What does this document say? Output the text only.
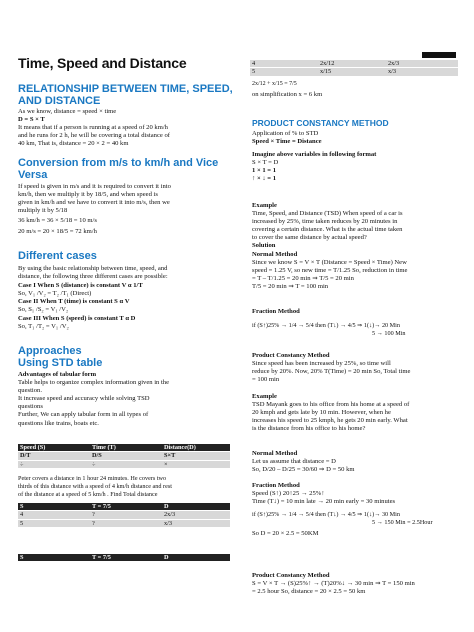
Time, Speed and Distance
RELATIONSHIP BETWEEN TIME, SPEED,
AND DISTANCE
As we know, distance = speed × time
D = S × T
It means that if a person is running at a speed of 20 km/h
and he runs for 2 h, he will be covering a total distance of
40 km, That is, distance = 20 × 2 = 40 km
Conversion from m/s to km/h and Vice
Versa
If speed is given in m/s and it is required to convert it into
km/h, then we multiply it by 18/5, and when speed is
given in km/h and we have to convert it into m/s, then we
multiply it by 5/18
36 km/h = 36 × 5/18 = 10 m/s
20 m/s = 20 × 18/5 = 72 km/h
Different cases
By using the basic relationship between time, speed, and
distance, the following three different cases are possible:
Case I When S (distance) is constant V α 1/T
So, V₁ /V₂ = T₂ /T₁ (Direct)
Case II When T (time) is constant S α V
So, S₁ /S₂ = V₁ /V₂
Case III When S (speed) is constant T α D
So, T₁ /T₂ = V₁ /V₂
Approaches
Using STD table
Advantages of tabular form
Table helps to organize complex information given in the
question.
It increase speed and accuracy while solving TSD
questions
Further, We can apply tabular form in all types of
questions like trains, boats etc.
Speed (S)	Time (T)	Distance(D)
D/T	D/S	S×T
÷	÷	×
Peter covers a distance in 1 hour 24 minutes. He covers two
thirds of this distance with a speed of 4 km/h distance and rest
of the distance at a speed of 5 km/h . Find Total distance
S	T = 7/5	D
4	?	2x/3
5	?	x/3
S	T = 7/5	D
4	2x/12	2x/3
5	x/15	x/3
2x/12 + x/15 = 7/5
on simplification x = 6 km
PRODUCT CONSTANCY METHOD
Application of % to STD
Speed × Time = Distance
Imagine above variables in following format
S × T = D
1 × 1 = 1
↑ × ↓ = 1
Example
Time, Speed, and Distance (TSD) When speed of a car is
increased by 25%, time taken reduces by 20 minutes in
covering a certain distance. What is the actual time taken
to cover the same distance by actual speed?
Solution
Normal Method
Since we know S = V × T (Distance = Speed × Time) New
speed = 1.25 V, so new time = T/1.25 So, reduction in time
= T – T/1.25 = 20 min ⇒ T/5 = 20 min
T/5 = 20 min ⇒ T = 100 min
Fraction Method
if (S↑)25% → 1/4 → 5/4 then (T↓) → 4/5 ⇒ 1(↓)→ 20 Min
5 → 100 Min
Product Constancy Method
Since speed has been increased by 25%, so time will
reduce by 20%. Now, 20% T(Time) = 20 min So, Total time
= 100 min
Example
TSD Mayank goes to his office from his home at a speed of
20 kmph and gets late by 10 min. However, when he
increases his speed to 25 kmph, he gets 20 min early. What
is the distance from his office to his home?
Normal Method
Let us assume that distance = D
So, D/20 – D/25 = 30/60 ⇒ D = 50 km
Fraction Method
Speed (S↑) 20↑25 → 25%↑
Time (T↓) = 10 min late → 20 min early = 30 minutes
if (S↑)25% → 1/4 → 5/4 then (T↓) → 4/5 ⇒ 1(↓)→ 30 Min
5 → 150 Min = 2.5Hour
So D = 20 × 2.5 = 50KM
Product Constancy Method
S = V × T → (S)25%↑ → (T)20%↓ → 30 min ⇒ T = 150 min
= 2.5 hour So, distance = 20 × 2.5 = 50 km
